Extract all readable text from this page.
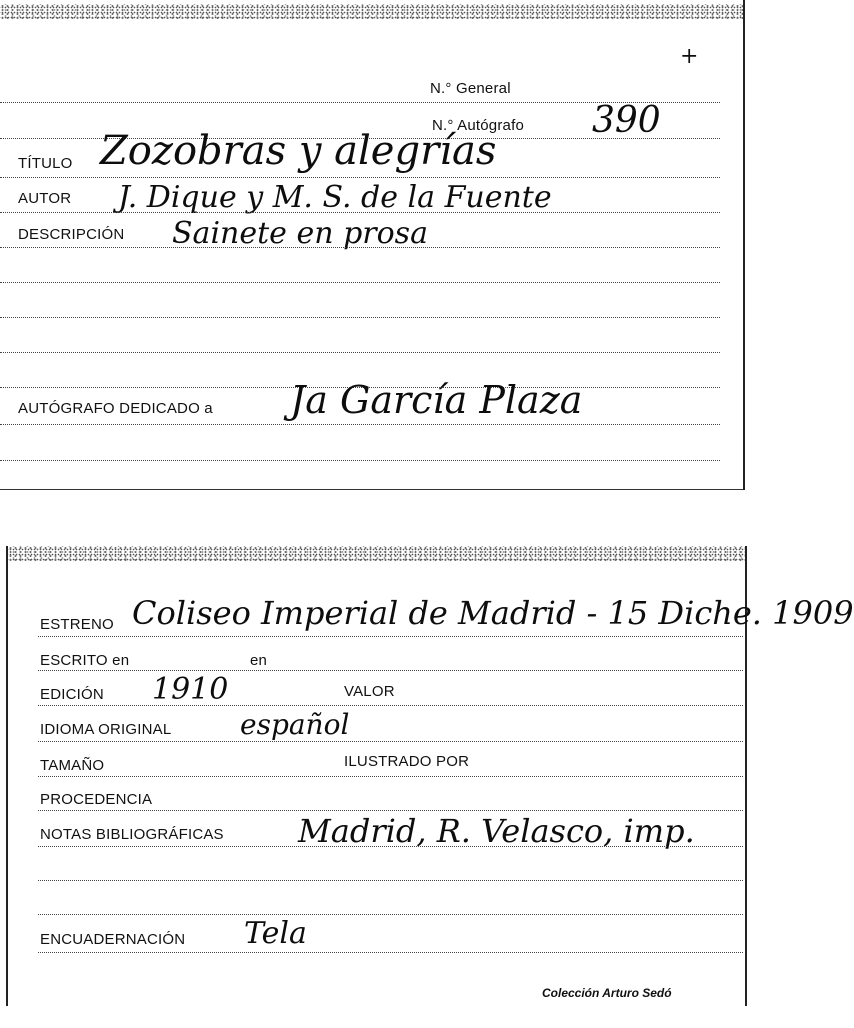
+
N.° General
N.° Autógrafo 390
TÍTULO Zozobras y alegrías
AUTOR J. Dique y M. S. de la Fuente
DESCRIPCIÓN Sainete en prosa
AUTÓGRAFO DEDICADO a Ja García Plaza
ESTRENO Coliseo Imperial de Madrid - 15 Diche. 1909
ESCRITO en	en
EDICIÓN 1910	VALOR
IDIOMA ORIGINAL español
TAMAÑO	ILUSTRADO POR
PROCEDENCIA
NOTAS BIBLIOGRÁFICAS Madrid, R. Velasco, imp.
ENCUADERNACIÓN Tela
Colección Arturo Sedó
